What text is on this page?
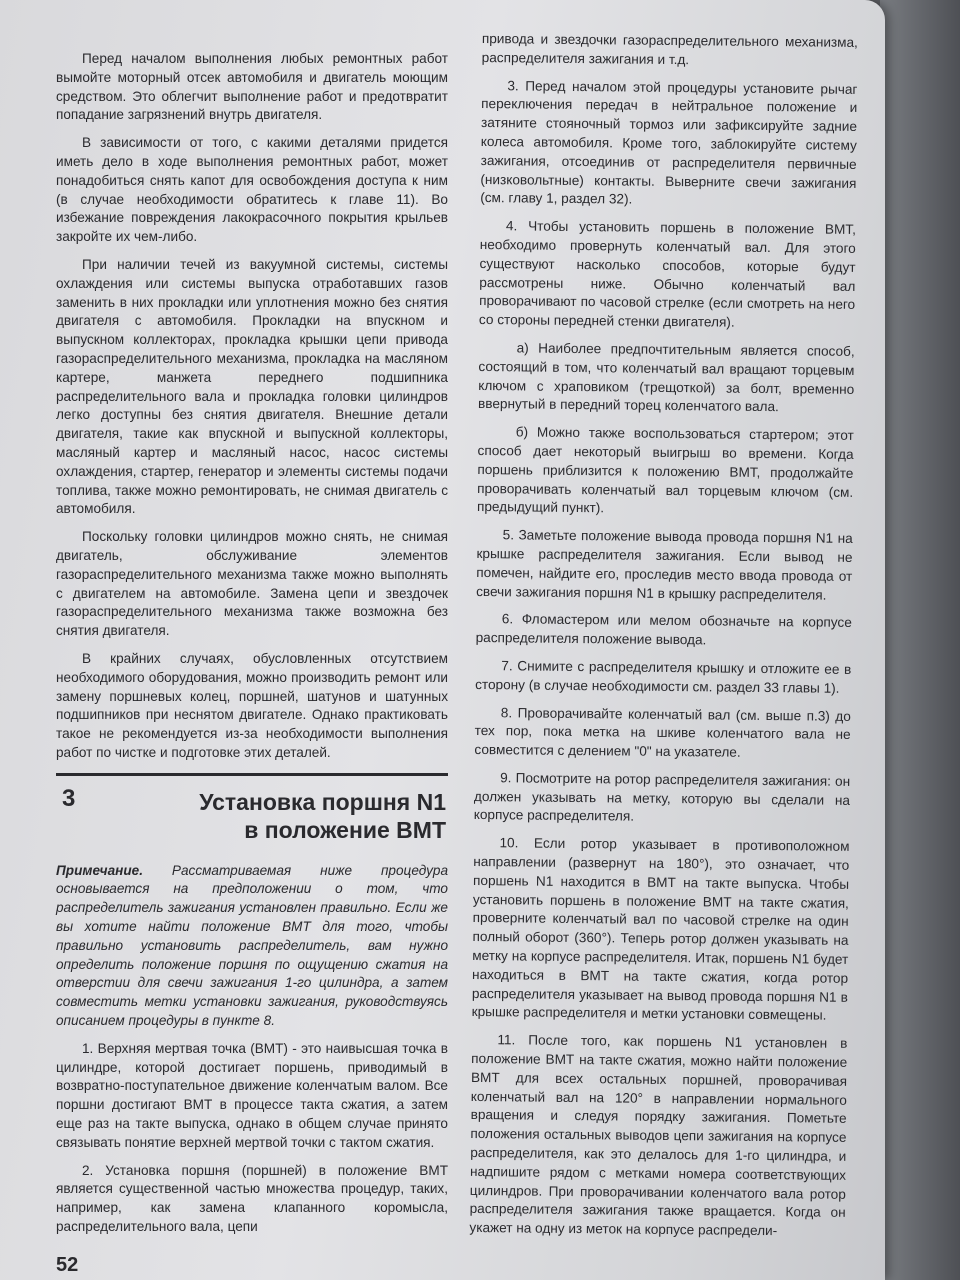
Перед началом выполнения любых ремонтных работ вымойте моторный отсек автомобиля и двигатель моющим средством. Это облегчит выполнение работ и предотвратит попадание загрязнений внутрь двигателя.

В зависимости от того, с какими деталями придется иметь дело в ходе выполнения ремонтных работ, может понадобиться снять капот для освобождения доступа к ним (в случае необходимости обратитесь к главе 11). Во избежание повреждения лакокрасочного покрытия крыльев закройте их чем-либо.

При наличии течей из вакуумной системы, системы охлаждения или системы выпуска отработавших газов заменить в них прокладки или уплотнения можно без снятия двигателя с автомобиля. Прокладки на впускном и выпускном коллекторах, прокладка крышки цепи привода газораспределительного механизма, прокладка на масляном картере, манжета переднего подшипника распределительного вала и прокладка головки цилиндров легко доступны без снятия двигателя. Внешние детали двигателя, такие как впускной и выпускной коллекторы, масляный картер и масляный насос, насос системы охлаждения, стартер, генератор и элементы системы подачи топлива, также можно ремонтировать, не снимая двигатель с автомобиля.

Поскольку головки цилиндров можно снять, не снимая двигатель, обслуживание элементов газораспределительного механизма также можно выполнять с двигателем на автомобиле. Замена цепи и звездочек газораспределительного механизма также возможна без снятия двигателя.

В крайних случаях, обусловленных отсутствием необходимого оборудования, можно производить ремонт или замену поршневых колец, поршней, шатунов и шатунных подшипников при неснятом двигателе. Однако практиковать такое не рекомендуется из-за необходимости выполнения работ по чистке и подготовке этих деталей.

3	Установка поршня N1
в положение ВМТ

Примечание. Рассматриваемая ниже процедура основывается на предположении о том, что распределитель зажигания установлен правильно. Если же вы хотите найти положение ВМТ для того, чтобы правильно установить распределитель, вам нужно определить положение поршня по ощущению сжатия на отверстии для свечи зажигания 1-го цилиндра, а затем совместить метки установки зажигания, руководствуясь описанием процедуры в пункте 8.

1. Верхняя мертвая точка (ВМТ) - это наивысшая точка в цилиндре, которой достигает поршень, приводимый в возвратно-поступательное движение коленчатым валом. Все поршни достигают ВМТ в процессе такта сжатия, а затем еще раз на такте выпуска, однако в общем случае принято связывать понятие верхней мертвой точки с тактом сжатия.

2. Установка поршня (поршней) в положение ВМТ является существенной частью множества процедур, таких, например, как замена клапанного коромысла, распределительного вала, цепи

привода и звездочки газораспределительного механизма, распределителя зажигания и т.д.

3. Перед началом этой процедуры установите рычаг переключения передач в нейтральное положение и затяните стояночный тормоз или зафиксируйте задние колеса автомобиля. Кроме того, заблокируйте систему зажигания, отсоединив от распределителя первичные (низковольтные) контакты. Выверните свечи зажигания (см. главу 1, раздел 32).

4. Чтобы установить поршень в положение ВМТ, необходимо провернуть коленчатый вал. Для этого существуют насколько способов, которые будут рассмотрены ниже. Обычно коленчатый вал проворачивают по часовой стрелке (если смотреть на него со стороны передней стенки двигателя).

а) Наиболее предпочтительным является способ, состоящий в том, что коленчатый вал вращают торцевым ключом с храповиком (трещоткой) за болт, временно ввернутый в передний торец коленчатого вала.

б) Можно также воспользоваться стартером; этот способ дает некоторый выигрыш во времени. Когда поршень приблизится к положению ВМТ, продолжайте проворачивать коленчатый вал торцевым ключом (см. предыдущий пункт).

5. Заметьте положение вывода провода поршня N1 на крышке распределителя зажигания. Если вывод не помечен, найдите его, проследив место ввода провода от свечи зажигания поршня N1 в крышку распределителя.

6. Фломастером или мелом обозначьте на корпусе распределителя положение вывода.

7. Снимите с распределителя крышку и отложите ее в сторону (в случае необходимости см. раздел 33 главы 1).

8. Проворачивайте коленчатый вал (см. выше п.3) до тех пор, пока метка на шкиве коленчатого вала не совместится с делением "0" на указателе.

9. Посмотрите на ротор распределителя зажигания: он должен указывать на метку, которую вы сделали на корпусе распределителя.

10. Если ротор указывает в противоположном направлении (развернут на 180°), это означает, что поршень N1 находится в ВМТ на такте выпуска. Чтобы установить поршень в положение ВМТ на такте сжатия, проверните коленчатый вал по часовой стрелке на один полный оборот (360°). Теперь ротор должен указывать на метку на корпусе распределителя. Итак, поршень N1 будет находиться в ВМТ на такте сжатия, когда ротор распределителя указывает на вывод провода поршня N1 в крышке распределителя и метки установки совмещены.

11. После того, как поршень N1 установлен в положение ВМТ на такте сжатия, можно найти положение ВМТ для всех остальных поршней, проворачивая коленчатый вал на 120° в направлении нормального вращения и следуя порядку зажигания. Пометьте положения остальных выводов цепи зажигания на корпусе распределителя, как это делалось для 1-го цилиндра, и надпишите рядом с метками номера соответствующих цилиндров. При проворачивании коленчатого вала ротор распределителя зажигания также вращается. Когда он укажет на одну из меток на корпусе распредели-

52
